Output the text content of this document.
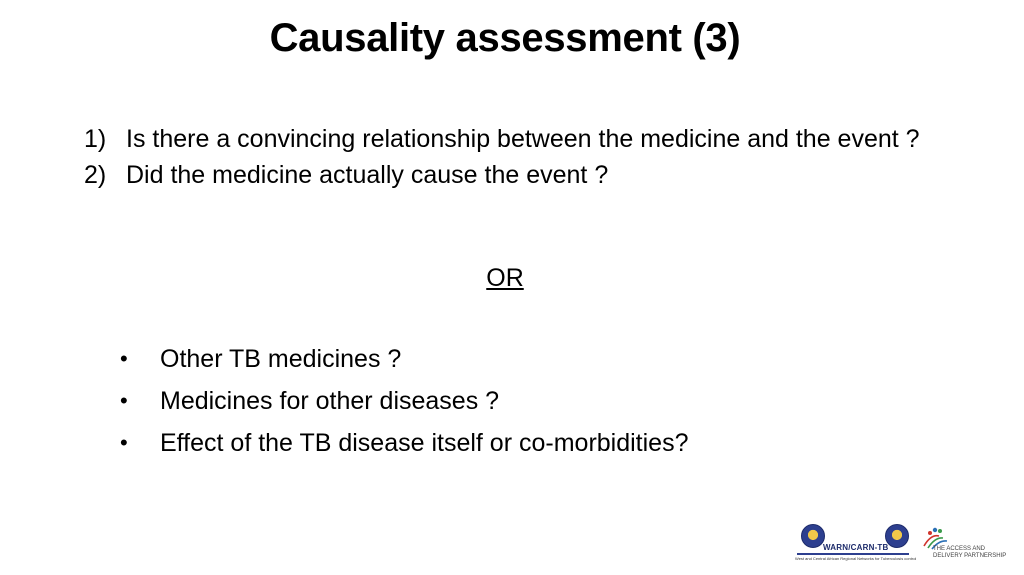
Causality assessment (3)
1) Is there a convincing relationship between the medicine and the event ?
2) Did the medicine actually cause the event ?
OR
• Other TB medicines ?
• Medicines for other diseases ?
• Effect of the TB disease itself or co-morbidities?
WARN/CARN-TB
West and Central African Regional Networks for Tuberculosis control
THE ACCESS AND
DELIVERY PARTNERSHIP
